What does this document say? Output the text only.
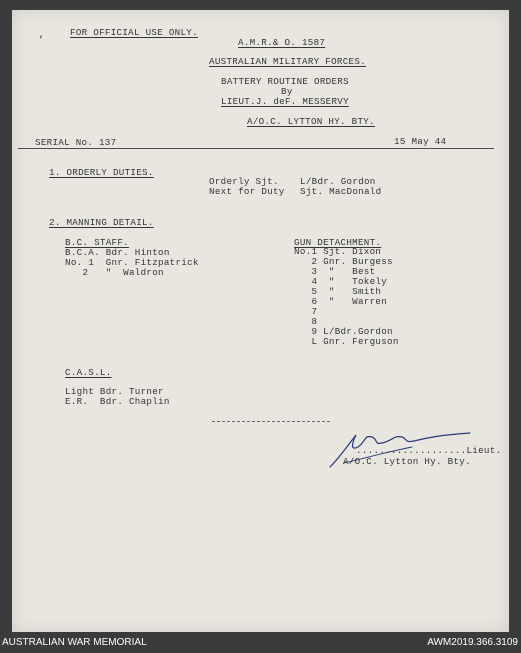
’
FOR OFFICIAL USE ONLY.
A.M.R.& O. 1587
AUSTRALIAN MILITARY FORCES.
BATTERY ROUTINE ORDERS
By
LIEUT.J. deF. MESSERVY
A/O.C. LYTTON HY. BTY.
SERIAL No. 137	15 May 44
1. ORDERLY DUTIES.
Orderly Sjt. L/Bdr. Gordon
Next for Duty Sjt. MacDonald
2. MANNING DETAIL.
B.C. STAFF.
B.C.A. Bdr. Hinton
No. 1  Gnr. Fitzpatrick
2   "  Waldron
GUN DETACHMENT.
No.1 Sjt. Dixon
2 Gnr. Burgess
3  "   Best
4  "   Tokely
5  "   Smith
6  "   Warren
7
8
9 L/Bdr.Gordon
L Gnr. Ferguson
C.A.S.L.
Light Bdr. Turner
E.R.  Bdr. Chaplin
...................Lieut.
A/O.C. Lytton Hy. Bty.
AUSTRALIAN WAR MEMORIAL	AWM2019.366.3109
